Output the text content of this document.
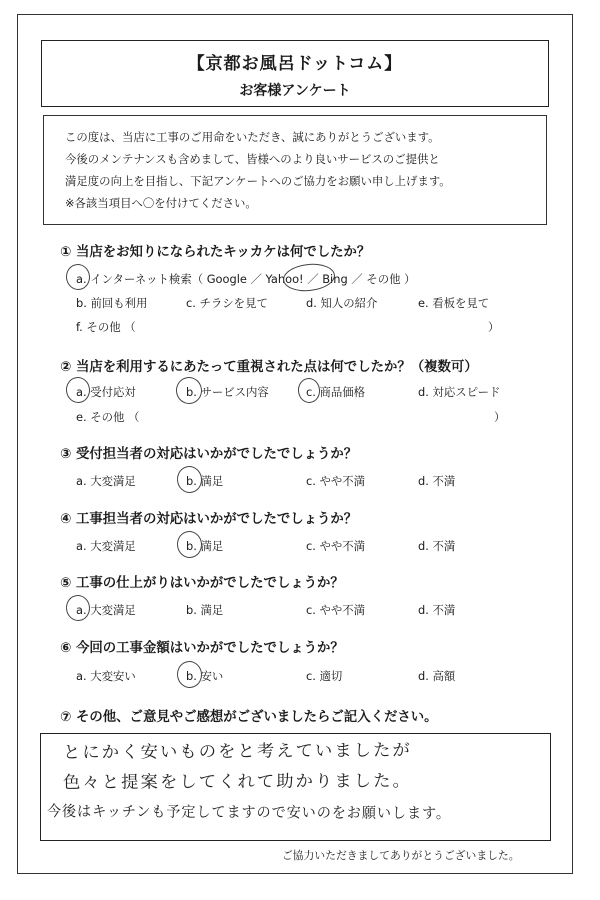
【京都お風呂ドットコム】
お客様アンケート
この度は、当店に工事のご用命をいただき、誠にありがとうございます。
今後のメンテナンスも含めまして、皆様へのより良いサービスのご提供と
満足度の向上を目指し、下記アンケートへのご協力をお願い申し上げます。
※各該当項目へ〇を付けてください。
① 当店をお知りになられたキッカケは何でしたか？
a. インターネット検索（ Google ／ Yahoo! ／ Bing ／ その他 ）
b. 前回も利用	c. チラシを見て	d. 知人の紹介	e. 看板を見て
f. その他 （	）
② 当店を利用するにあたって重視された点は何でしたか？（複数可）
a. 受付応対	b. サービス内容	c. 商品価格	d. 対応スピード
e. その他 （	）
③ 受付担当者の対応はいかがでしたでしょうか？
a. 大変満足	b. 満足	c. やや不満	d. 不満
④ 工事担当者の対応はいかがでしたでしょうか？
a. 大変満足	b. 満足	c. やや不満	d. 不満
⑤ 工事の仕上がりはいかがでしたでしょうか？
a. 大変満足	b. 満足	c. やや不満	d. 不満
⑥ 今回の工事金額はいかがでしたでしょうか？
a. 大変安い	b. 安い	c. 適切	d. 高額
⑦ その他、ご意見やご感想がございましたらご記入ください。
とにかく安いものをと考えていましたが
色々と提案をしてくれて助かりました。
今後はキッチンも予定してますので安いのをお願いします。
ご協力いただきましてありがとうございました。
